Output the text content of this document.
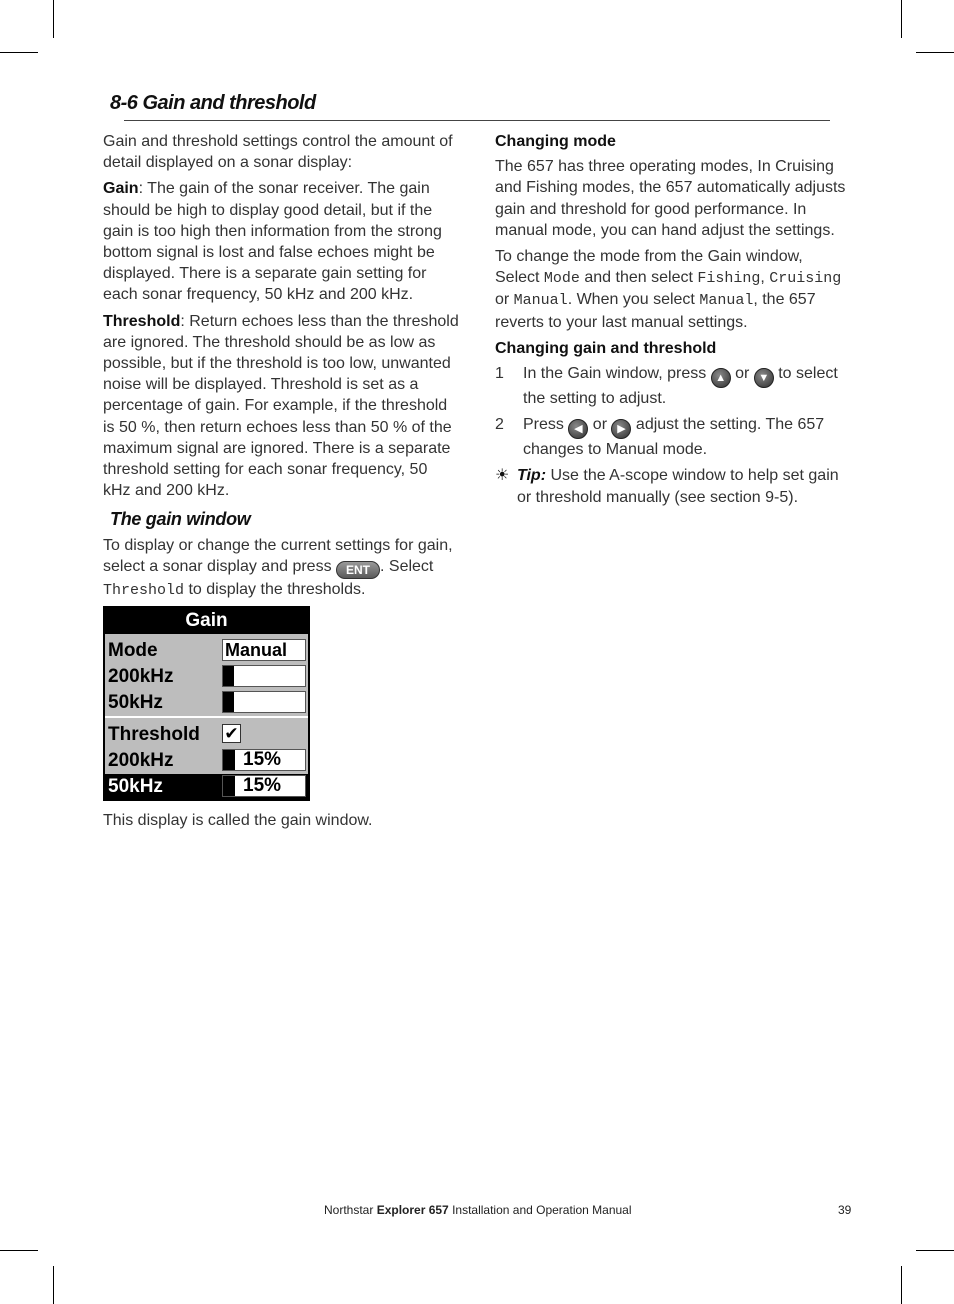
8-6 Gain and threshold

Gain and threshold settings control the amount of detail displayed on a sonar display:

Gain: The gain of the sonar receiver. The gain should be high to display good detail, but if the gain is too high then information from the strong bottom signal is lost and false echoes might be displayed. There is a separate gain setting for each sonar frequency, 50 kHz and 200 kHz.

Threshold: Return echoes less than the threshold are ignored. The threshold should be as low as possible, but if the threshold is too low, unwanted noise will be displayed. Threshold is set as a percentage of gain. For example, if the threshold is 50 %, then return echoes less than 50 % of the maximum signal are ignored. There is a separate threshold setting for each sonar frequency, 50 kHz and 200 kHz.

The gain window

To display or change the current settings for gain, select a sonar display and press ENT . Select Threshold to display the thresholds.

Gain
Mode	Manual
200kHz	13
50kHz	13
Threshold ✔
200kHz	15%
50kHz	15%
This display is called the gain window.

Changing mode

The 657 has three operating modes, In Cruising and Fishing modes, the 657 automatically adjusts gain and threshold for good performance. In manual mode, you can hand adjust the settings.

To change the mode from the Gain window, Select Mode and then select Fishing, Cruising or Manual. When you select Manual, the 657 reverts to your last manual settings.

Changing gain and threshold

1	In the Gain window, press ▲ or ▼ to select the setting to adjust.
2	Press ◀ or ▶ adjust the setting. The 657 changes to Manual mode.
☀ Tip: Use the A-scope window to help set gain or threshold manually (see section 9-5).
Northstar Explorer 657 Installation and Operation Manual	39
